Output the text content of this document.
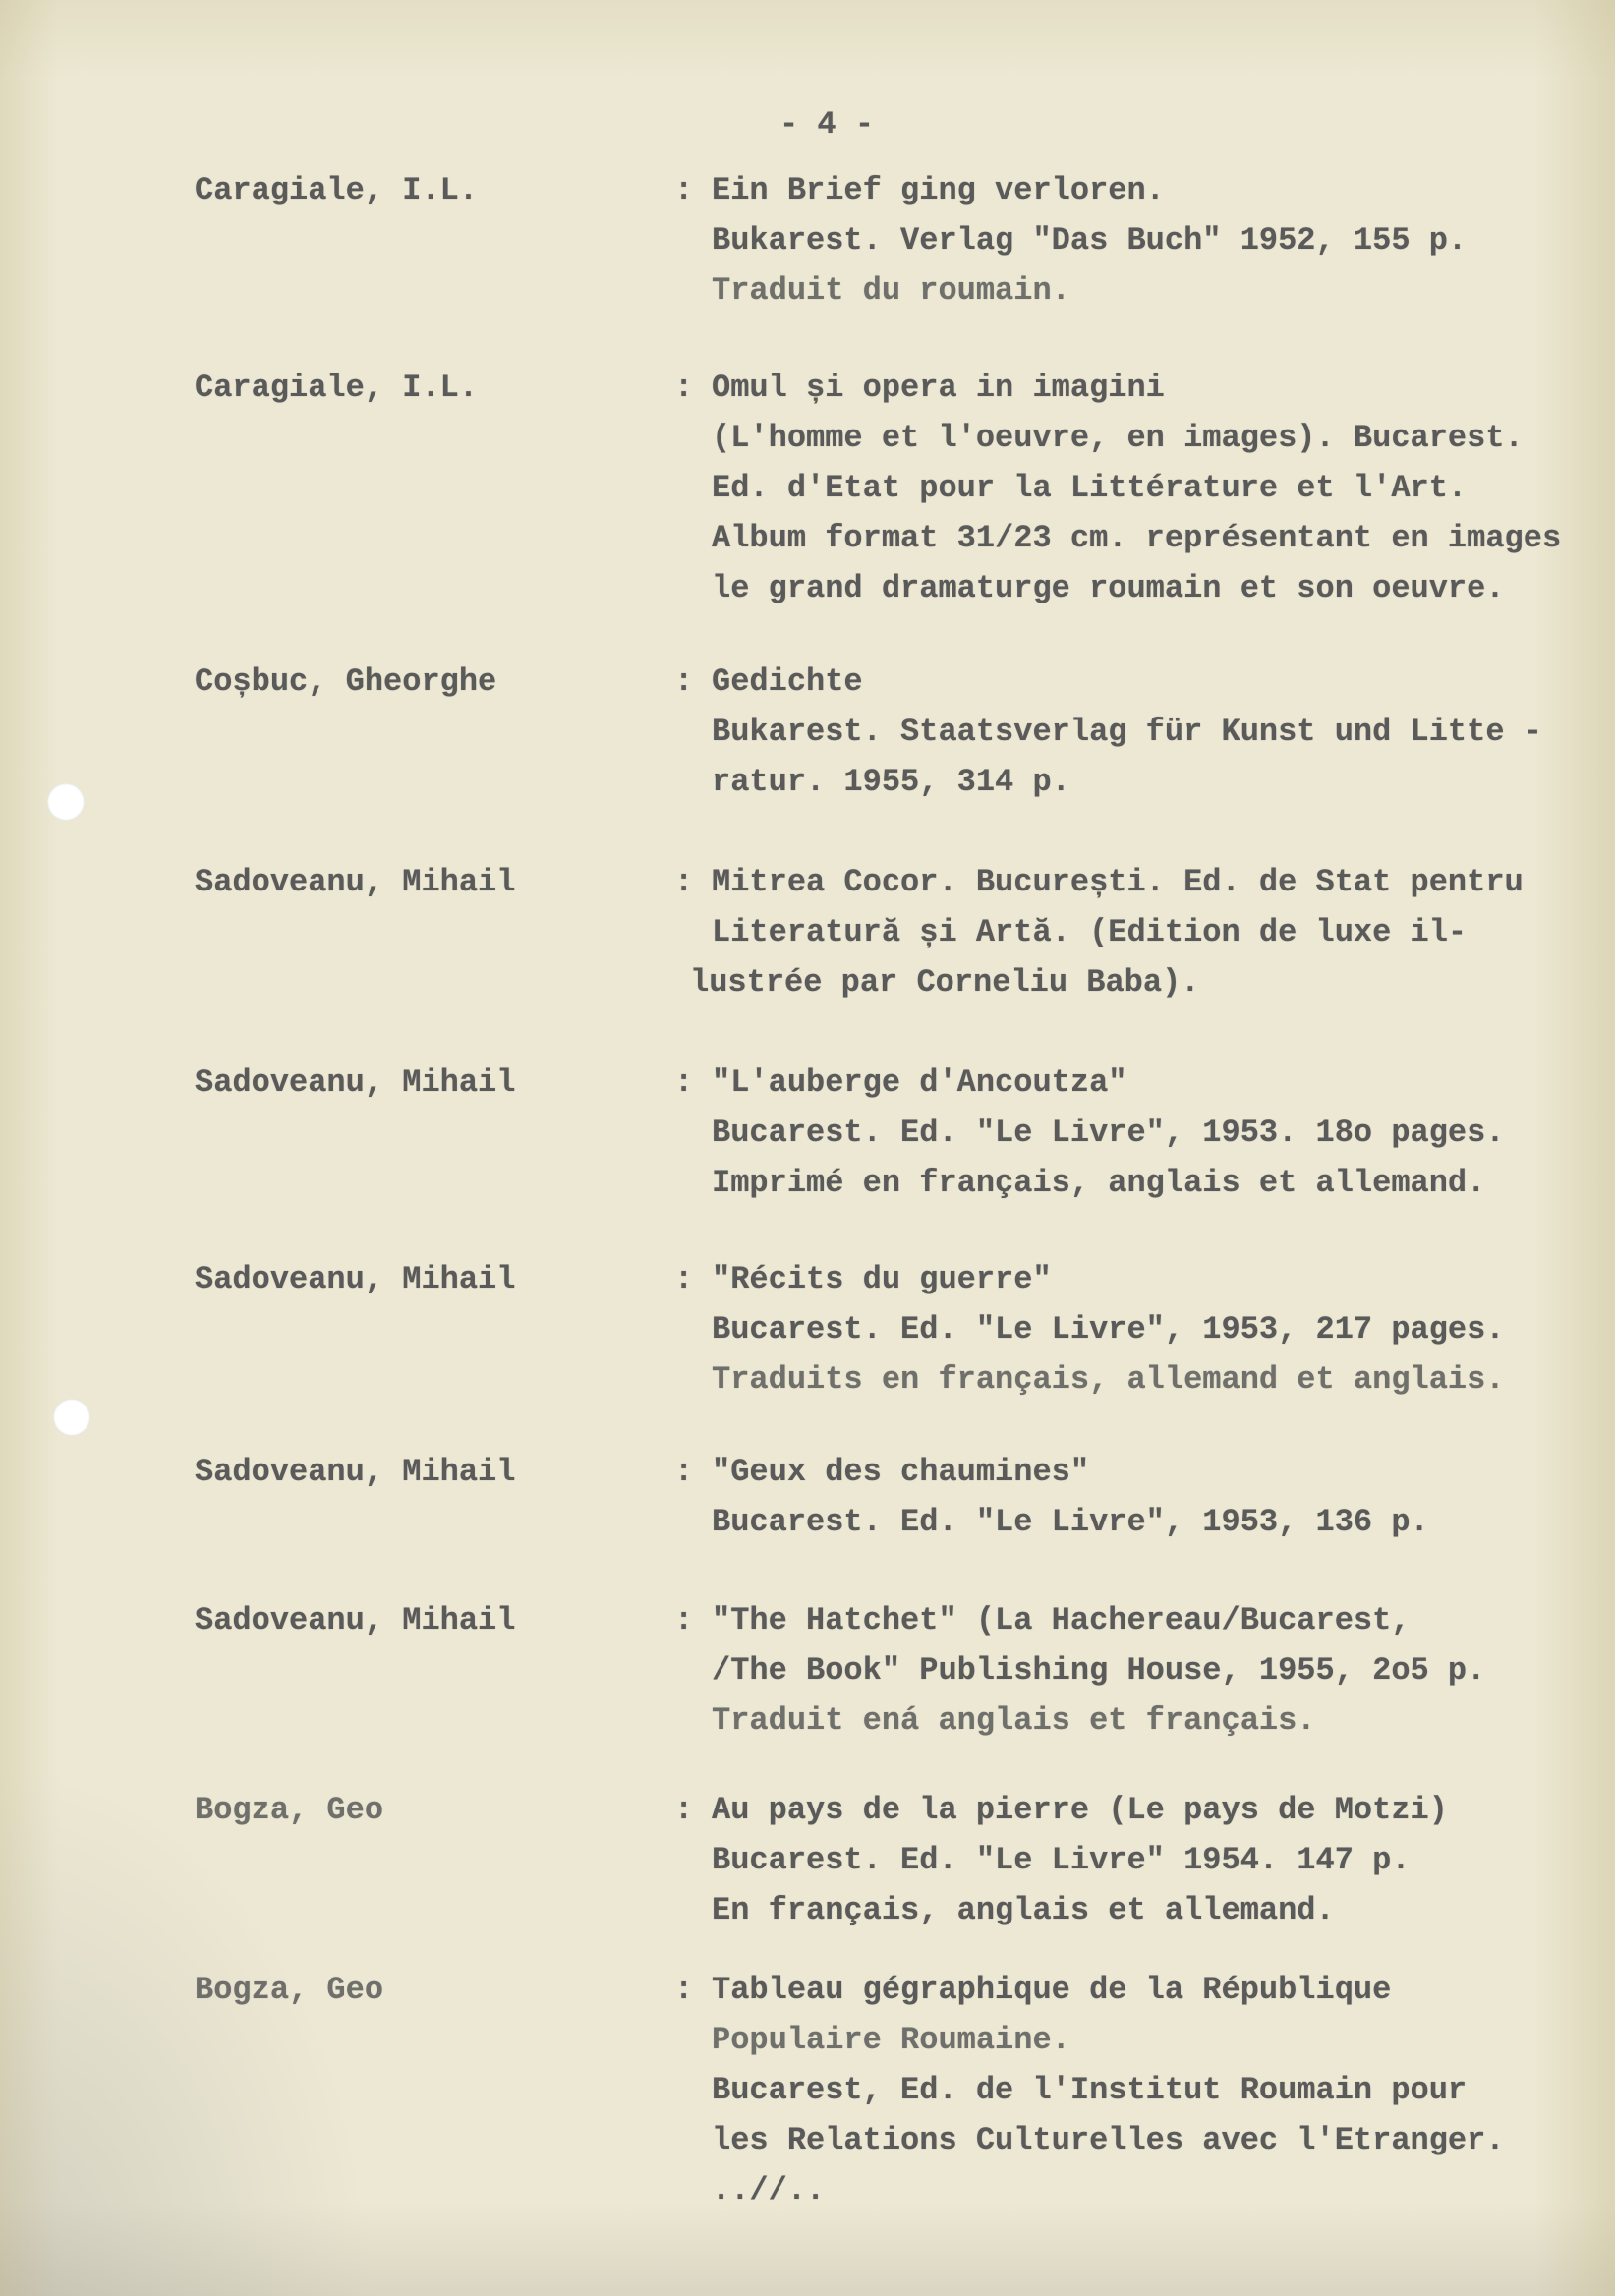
- 4 -
Caragiale, I.L.	: Ein Brief ging verloren.
Bukarest. Verlag "Das Buch" 1952, 155 p.
Traduit du roumain.
Caragiale, I.L.	: Omul și opera in imagini
(L'homme et l'oeuvre, en images). Bucarest.
Ed. d'Etat pour la Littérature et l'Art.
Album format 31/23 cm. représentant en images
le grand dramaturge roumain et son oeuvre.
Coșbuc, Gheorghe	: Gedichte
Bukarest. Staatsverlag für Kunst und Litte -
ratur. 1955, 314 p.
Sadoveanu, Mihail	: Mitrea Cocor. București. Ed. de Stat pentru
Literatură și Artă. (Edition de luxe il-
lustrée par Corneliu Baba).
Sadoveanu, Mihail	: "L'auberge d'Ancoutza"
Bucarest. Ed. "Le Livre", 1953. 18o pages.
Imprimé en français, anglais et allemand.
Sadoveanu, Mihail	: "Récits du guerre"
Bucarest. Ed. "Le Livre", 1953, 217 pages.
Traduits en français, allemand et anglais.
Sadoveanu, Mihail	: "Geux des chaumines"
Bucarest. Ed. "Le Livre", 1953, 136 p.
Sadoveanu, Mihail	: "The Hatchet" (La Hachereau/Bucarest,
/The Book" Publishing House, 1955, 2o5 p.
Traduit ená anglais et français.
Bogza, Geo	: Au pays de la pierre (Le pays de Motzi)
Bucarest. Ed. "Le Livre" 1954. 147 p.
En français, anglais et allemand.
Bogza, Geo	: Tableau gégraphique de la République
Populaire Roumaine.
Bucarest, Ed. de l'Institut Roumain pour
les Relations Culturelles avec l'Etranger.
..//..
